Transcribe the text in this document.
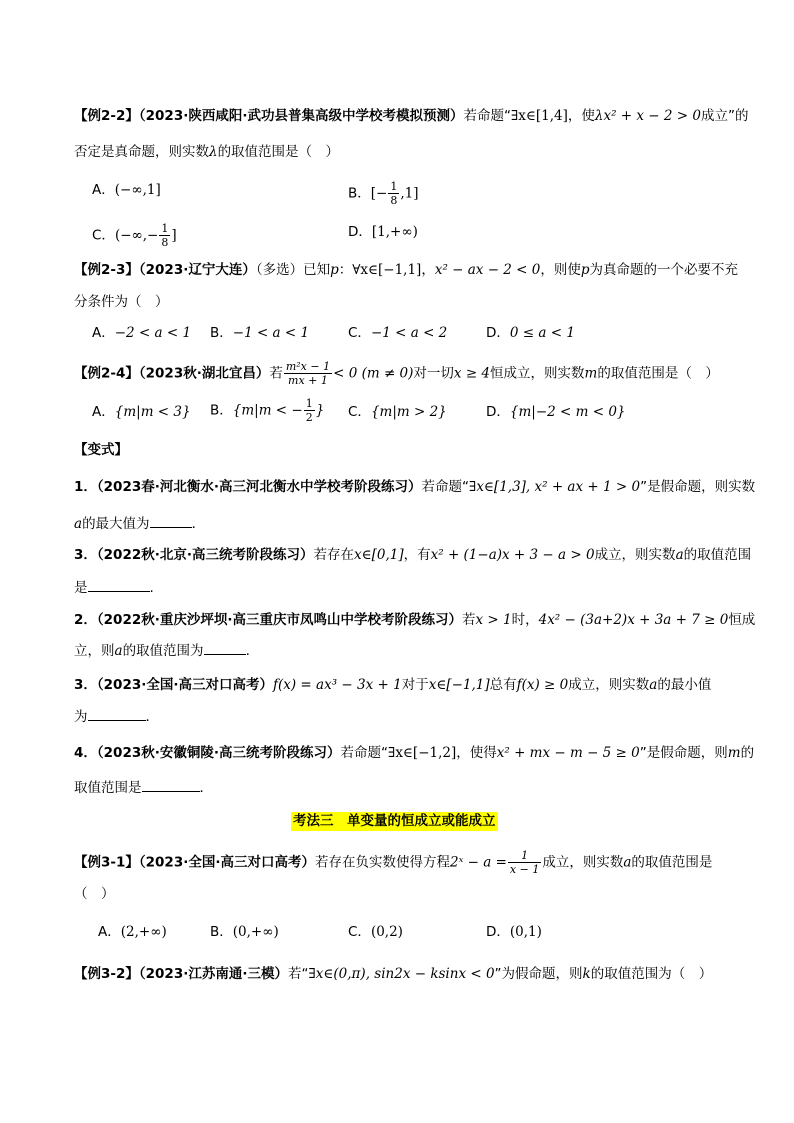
【例2-2】（2023·陕西咸阳·武功县普集高级中学校考模拟预测）若命题“∃x∈[1,4]，使λx² + x − 2 > 0成立”的
否定是真命题，则实数λ的取值范围是（　）
A．(−∞,1]	B．[− $\frac{1}{8} ,1$]
C．(−∞,− $\frac{1}{8}$ ]	D．[1,+∞)
【例2-3】（2023·辽宁大连）（多选）已知p：∀x∈[−1,1]，x² − ax − 2 < 0，则使p为真命题的一个必要不充
分条件为（　）
A．−2 < a < 1 B．−1 < a < 1	C．−1 < a < 2	D．0 ≤ a < 1
【例2-4】（2023秋·湖北宜昌）若 $\frac{\text{m²x − 1}}{mx + 1} < 0$ (m ≠ 0)对一切x ≥ 4恒成立，则实数m的取值范围是（　）
A．{m|m < 3} B．{m|m < − $\frac{1}{2}$ } C．{m|m > 2}	D．{m|−2 < m < 0}
【变式】
1．（2023春·河北衡水·高三河北衡水中学校考阶段练习）若命题“∃x∈[1,3], x² + ax + 1 > 0”是假命题，则实数
a的最大值为	．
3．（2022秋·北京·高三统考阶段练习）若存在x∈[0,1]，有x² + (1−a)x + 3 − a > 0成立，则实数a的取值范围
是	.
2．（2022秋·重庆沙坪坝·高三重庆市凤鸣山中学校考阶段练习）若x > 1时，4x² − (3a+2)x + 3a + 7 ≥ 0恒成
立，则a的取值范围为	.
3．（2023·全国·高三对口高考）f(x) = ax³ − 3x + 1对于x∈[−1,1]总有f(x) ≥ 0成立，则实数a的最小值
为	．
4．（2023秋·安徽铜陵·高三统考阶段练习）若命题“∃x∈[−1,2]，使得x² + mx − m − 5 ≥ 0”是假命题，则m的
取值范围是	．
考法三　单变量的恒成立或能成立
【例3-1】（2023·全国·高三对口高考）若存在负实数使得方程2ˣ − $a = \frac{1}{x - 1}$ 成立，则实数a的取值范围是
（　）
A．(2,+∞)	B．(0,+∞)	C．(0,2)	D．(0,1)
【例3-2】（2023·江苏南通·三模）若“∃x∈(0,π), sin2x − ksinx < 0”为假命题，则k的取值范围为（　）
